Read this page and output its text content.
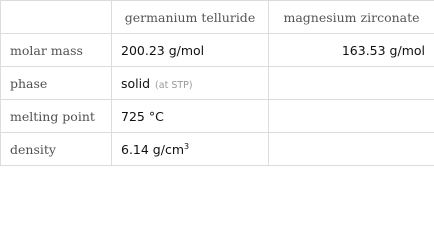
	germanium telluride	magnesium zirconate
molar mass	200.23 g/mol	163.53 g/mol
phase	solid (at STP)	
melting point	725 °C	
density	6.14 $g/cm^3$	
